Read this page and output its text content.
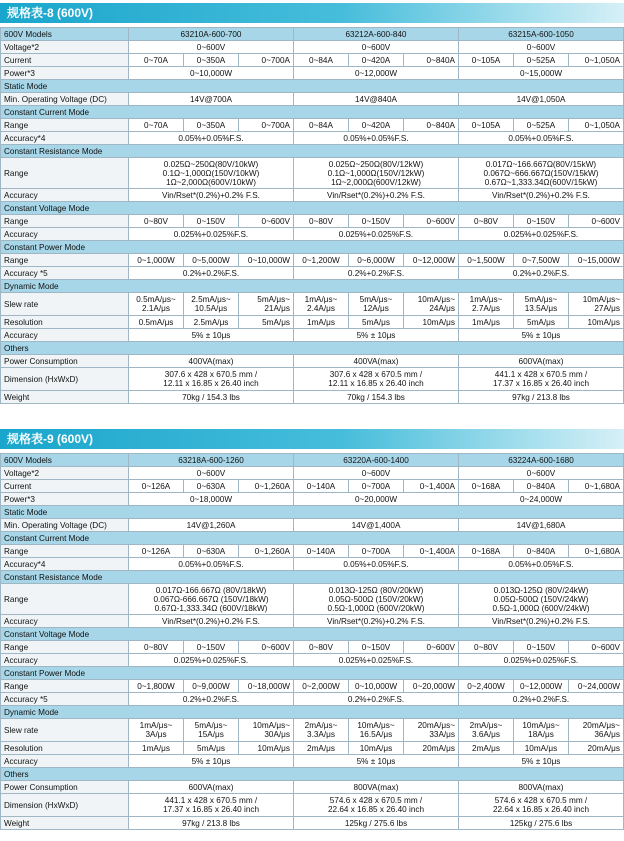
规格表-8 (600V)
600V Models	63210A-600-700			63212A-600-840			63215A-600-1050		
Voltage*2	0~600V			0~600V			0~600V		
Current	0~70A	0~350A	0~700A	0~84A	0~420A	0~840A	0~105A	0~525A	0~1,050A
Power*3	0~10,000W			0~12,000W			0~15,000W		
Static Mode									
Min. Operating Voltage (DC)	14V@700A			14V@840A			14V@1,050A		
Constant Current Mode									
Range	0~70A	0~350A	0~700A	0~84A	0~420A	0~840A	0~105A	0~525A	0~1,050A
Accuracy*4	0.05%+0.05%F.S.			0.05%+0.05%F.S.			0.05%+0.05%F.S.		
Constant Resistance Mode									
Range	0.025Ω~250Ω(80V/10kW)
0.1Ω~1,000Ω(150V/10kW)
1Ω~2,000Ω(600V/10kW)			0.025Ω~250Ω(80V/12kW)
0.1Ω~1,000Ω(150V/12kW)
1Ω~2,000Ω(600V/12kW)			0.017Ω~166.667Ω(80V/15kW)
0.067Ω~666.667Ω(150V/15kW)
0.67Ω~1,333.34Ω(600V/15kW)		
Accuracy	Vin/Rset*(0.2%)+0.2% F.S.			Vin/Rset*(0.2%)+0.2% F.S.			Vin/Rset*(0.2%)+0.2% F.S.		
Constant Voltage Mode									
Range	0~80V	0~150V	0~600V	0~80V	0~150V	0~600V	0~80V	0~150V	0~600V
Accuracy	0.025%+0.025%F.S.			0.025%+0.025%F.S.			0.025%+0.025%F.S.		
Constant Power Mode									
Range	0~1,000W	0~5,000W	0~10,000W	0~1,200W	0~6,000W	0~12,000W	0~1,500W	0~7,500W	0~15,000W
Accuracy *5	0.2%+0.2%F.S.			0.2%+0.2%F.S.			0.2%+0.2%F.S.		
Dynamic Mode									
Slew rate	0.5mA/μs~
2.1A/μs	2.5mA/μs~
10.5A/μs	5mA/μs~
21A/μs	1mA/μs~
2.4A/μs	5mA/μs~
12A/μs	10mA/μs~
24A/μs	1mA/μs~
2.7A/μs	5mA/μs~
13.5A/μs	10mA/μs~
27A/μs
Resolution	0.5mA/μs	2.5mA/μs	5mA/μs	1mA/μs	5mA/μs	10mA/μs	1mA/μs	5mA/μs	10mA/μs
Accuracy	5% ± 10μs			5% ± 10μs			5% ± 10μs		
Others									
Power Consumption	400VA(max)			400VA(max)			600VA(max)		
Dimension (HxWxD)	307.6 x 428 x 670.5 mm /
12.11 x 16.85 x 26.40 inch			307.6 x 428 x 670.5 mm /
12.11 x 16.85 x 26.40 inch			441.1 x 428 x 670.5 mm /
17.37 x 16.85 x 26.40 inch		
Weight	70kg / 154.3 lbs			70kg / 154.3 lbs			97kg / 213.8 lbs		
规格表-9 (600V)
600V Models	63218A-600-1260			63220A-600-1400			63224A-600-1680		
Voltage*2	0~600V			0~600V			0~600V		
Current	0~126A	0~630A	0~1,260A	0~140A	0~700A	0~1,400A	0~168A	0~840A	0~1,680A
Power*3	0~18,000W			0~20,000W			0~24,000W		
Static Mode									
Min. Operating Voltage (DC)	14V@1,260A			14V@1,400A			14V@1,680A		
Constant Current Mode									
Range	0~126A	0~630A	0~1,260A	0~140A	0~700A	0~1,400A	0~168A	0~840A	0~1,680A
Accuracy*4	0.05%+0.05%F.S.			0.05%+0.05%F.S.			0.05%+0.05%F.S.		
Constant Resistance Mode									
Range	0.017Ω-166.667Ω (80V/18kW)
0.067Ω-666.667Ω (150V/18kW)
0.67Ω-1,333.34Ω (600V/18kW)			0.013Ω-125Ω (80V/20kW)
0.05Ω-500Ω (150V/20kW)
0.5Ω-1,000Ω (600V/20kW)			0.013Ω-125Ω (80V/24kW)
0.05Ω-500Ω (150V/24kW)
0.5Ω-1,000Ω (600V/24kW)		
Accuracy	Vin/Rset*(0.2%)+0.2% F.S.			Vin/Rset*(0.2%)+0.2% F.S.			Vin/Rset*(0.2%)+0.2% F.S.		
Constant Voltage Mode									
Range	0~80V	0~150V	0~600V	0~80V	0~150V	0~600V	0~80V	0~150V	0~600V
Accuracy	0.025%+0.025%F.S.			0.025%+0.025%F.S.			0.025%+0.025%F.S.		
Constant Power Mode									
Range	0~1,800W	0~9,000W	0~18,000W	0~2,000W	0~10,000W	0~20,000W	0~2,400W	0~12,000W	0~24,000W
Accuracy *5	0.2%+0.2%F.S.			0.2%+0.2%F.S.			0.2%+0.2%F.S.		
Dynamic Mode									
Slew rate	1mA/μs~
3A/μs	5mA/μs~
15A/μs	10mA/μs~
30A/μs	2mA/μs~
3.3A/μs	10mA/μs~
16.5A/μs	20mA/μs~
33A/μs	2mA/μs~
3.6A/μs	10mA/μs~
18A/μs	20mA/μs~
36A/μs
Resolution	1mA/μs	5mA/μs	10mA/μs	2mA/μs	10mA/μs	20mA/μs	2mA/μs	10mA/μs	20mA/μs
Accuracy	5% ± 10μs			5% ± 10μs			5% ± 10μs		
Others									
Power Consumption	600VA(max)			800VA(max)			800VA(max)		
Dimension (HxWxD)	441.1 x 428 x 670.5 mm /
17.37 x 16.85 x 26.40 inch			574.6 x 428 x 670.5 mm /
22.64 x 16.85 x 26.40 inch			574.6 x 428 x 670.5 mm /
22.64 x 16.85 x 26.40 inch		
Weight	97kg / 213.8 lbs			125kg / 275.6 lbs			125kg / 275.6 lbs		
